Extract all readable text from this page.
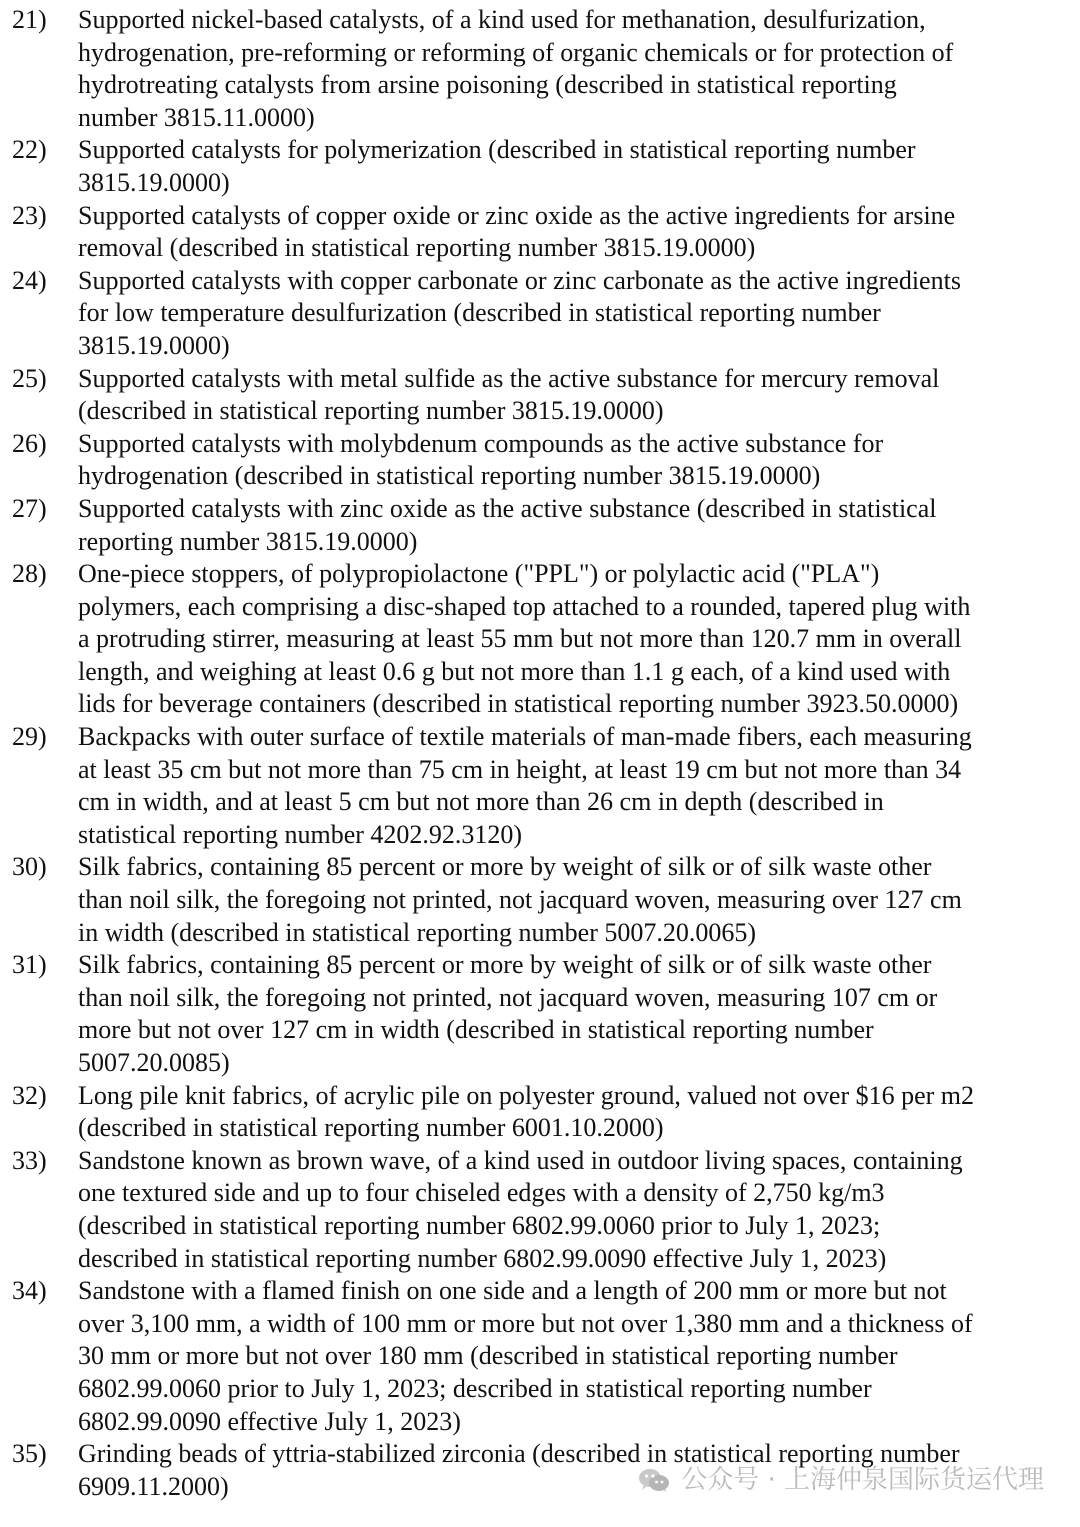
21)	Supported nickel-based catalysts, of a kind used for methanation, desulfurization,
hydrogenation, pre-reforming or reforming of organic chemicals or for protection of
hydrotreating catalysts from arsine poisoning (described in statistical reporting
number 3815.11.0000)
22)	Supported catalysts for polymerization (described in statistical reporting number
3815.19.0000)
23)	Supported catalysts of copper oxide or zinc oxide as the active ingredients for arsine
removal (described in statistical reporting number 3815.19.0000)
24)	Supported catalysts with copper carbonate or zinc carbonate as the active ingredients
for low temperature desulfurization (described in statistical reporting number
3815.19.0000)
25)	Supported catalysts with metal sulfide as the active substance for mercury removal
(described in statistical reporting number 3815.19.0000)
26)	Supported catalysts with molybdenum compounds as the active substance for
hydrogenation (described in statistical reporting number 3815.19.0000)
27)	Supported catalysts with zinc oxide as the active substance (described in statistical
reporting number 3815.19.0000)
28)	One-piece stoppers, of polypropiolactone ("PPL") or polylactic acid ("PLA")
polymers, each comprising a disc-shaped top attached to a rounded, tapered plug with
a protruding stirrer, measuring at least 55 mm but not more than 120.7 mm in overall
length, and weighing at least 0.6 g but not more than 1.1 g each, of a kind used with
lids for beverage containers (described in statistical reporting number 3923.50.0000)
29)	Backpacks with outer surface of textile materials of man-made fibers, each measuring
at least 35 cm but not more than 75 cm in height, at least 19 cm but not more than 34
cm in width, and at least 5 cm but not more than 26 cm in depth (described in
statistical reporting number 4202.92.3120)
30)	Silk fabrics, containing 85 percent or more by weight of silk or of silk waste other
than noil silk, the foregoing not printed, not jacquard woven, measuring over 127 cm
in width (described in statistical reporting number 5007.20.0065)
31)	Silk fabrics, containing 85 percent or more by weight of silk or of silk waste other
than noil silk, the foregoing not printed, not jacquard woven, measuring 107 cm or
more but not over 127 cm in width (described in statistical reporting number
5007.20.0085)
32)	Long pile knit fabrics, of acrylic pile on polyester ground, valued not over $16 per m2
(described in statistical reporting number 6001.10.2000)
33)	Sandstone known as brown wave, of a kind used in outdoor living spaces, containing
one textured side and up to four chiseled edges with a density of 2,750 kg/m3
(described in statistical reporting number 6802.99.0060 prior to July 1, 2023;
described in statistical reporting number 6802.99.0090 effective July 1, 2023)
34)	Sandstone with a flamed finish on one side and a length of 200 mm or more but not
over 3,100 mm, a width of 100 mm or more but not over 1,380 mm and a thickness of
30 mm or more but not over 180 mm (described in statistical reporting number
6802.99.0060 prior to July 1, 2023; described in statistical reporting number
6802.99.0090 effective July 1, 2023)
35)	Grinding beads of yttria-stabilized zirconia (described in statistical reporting number
6909.11.2000)	公众号 · 上海仲泉国际货运代理
